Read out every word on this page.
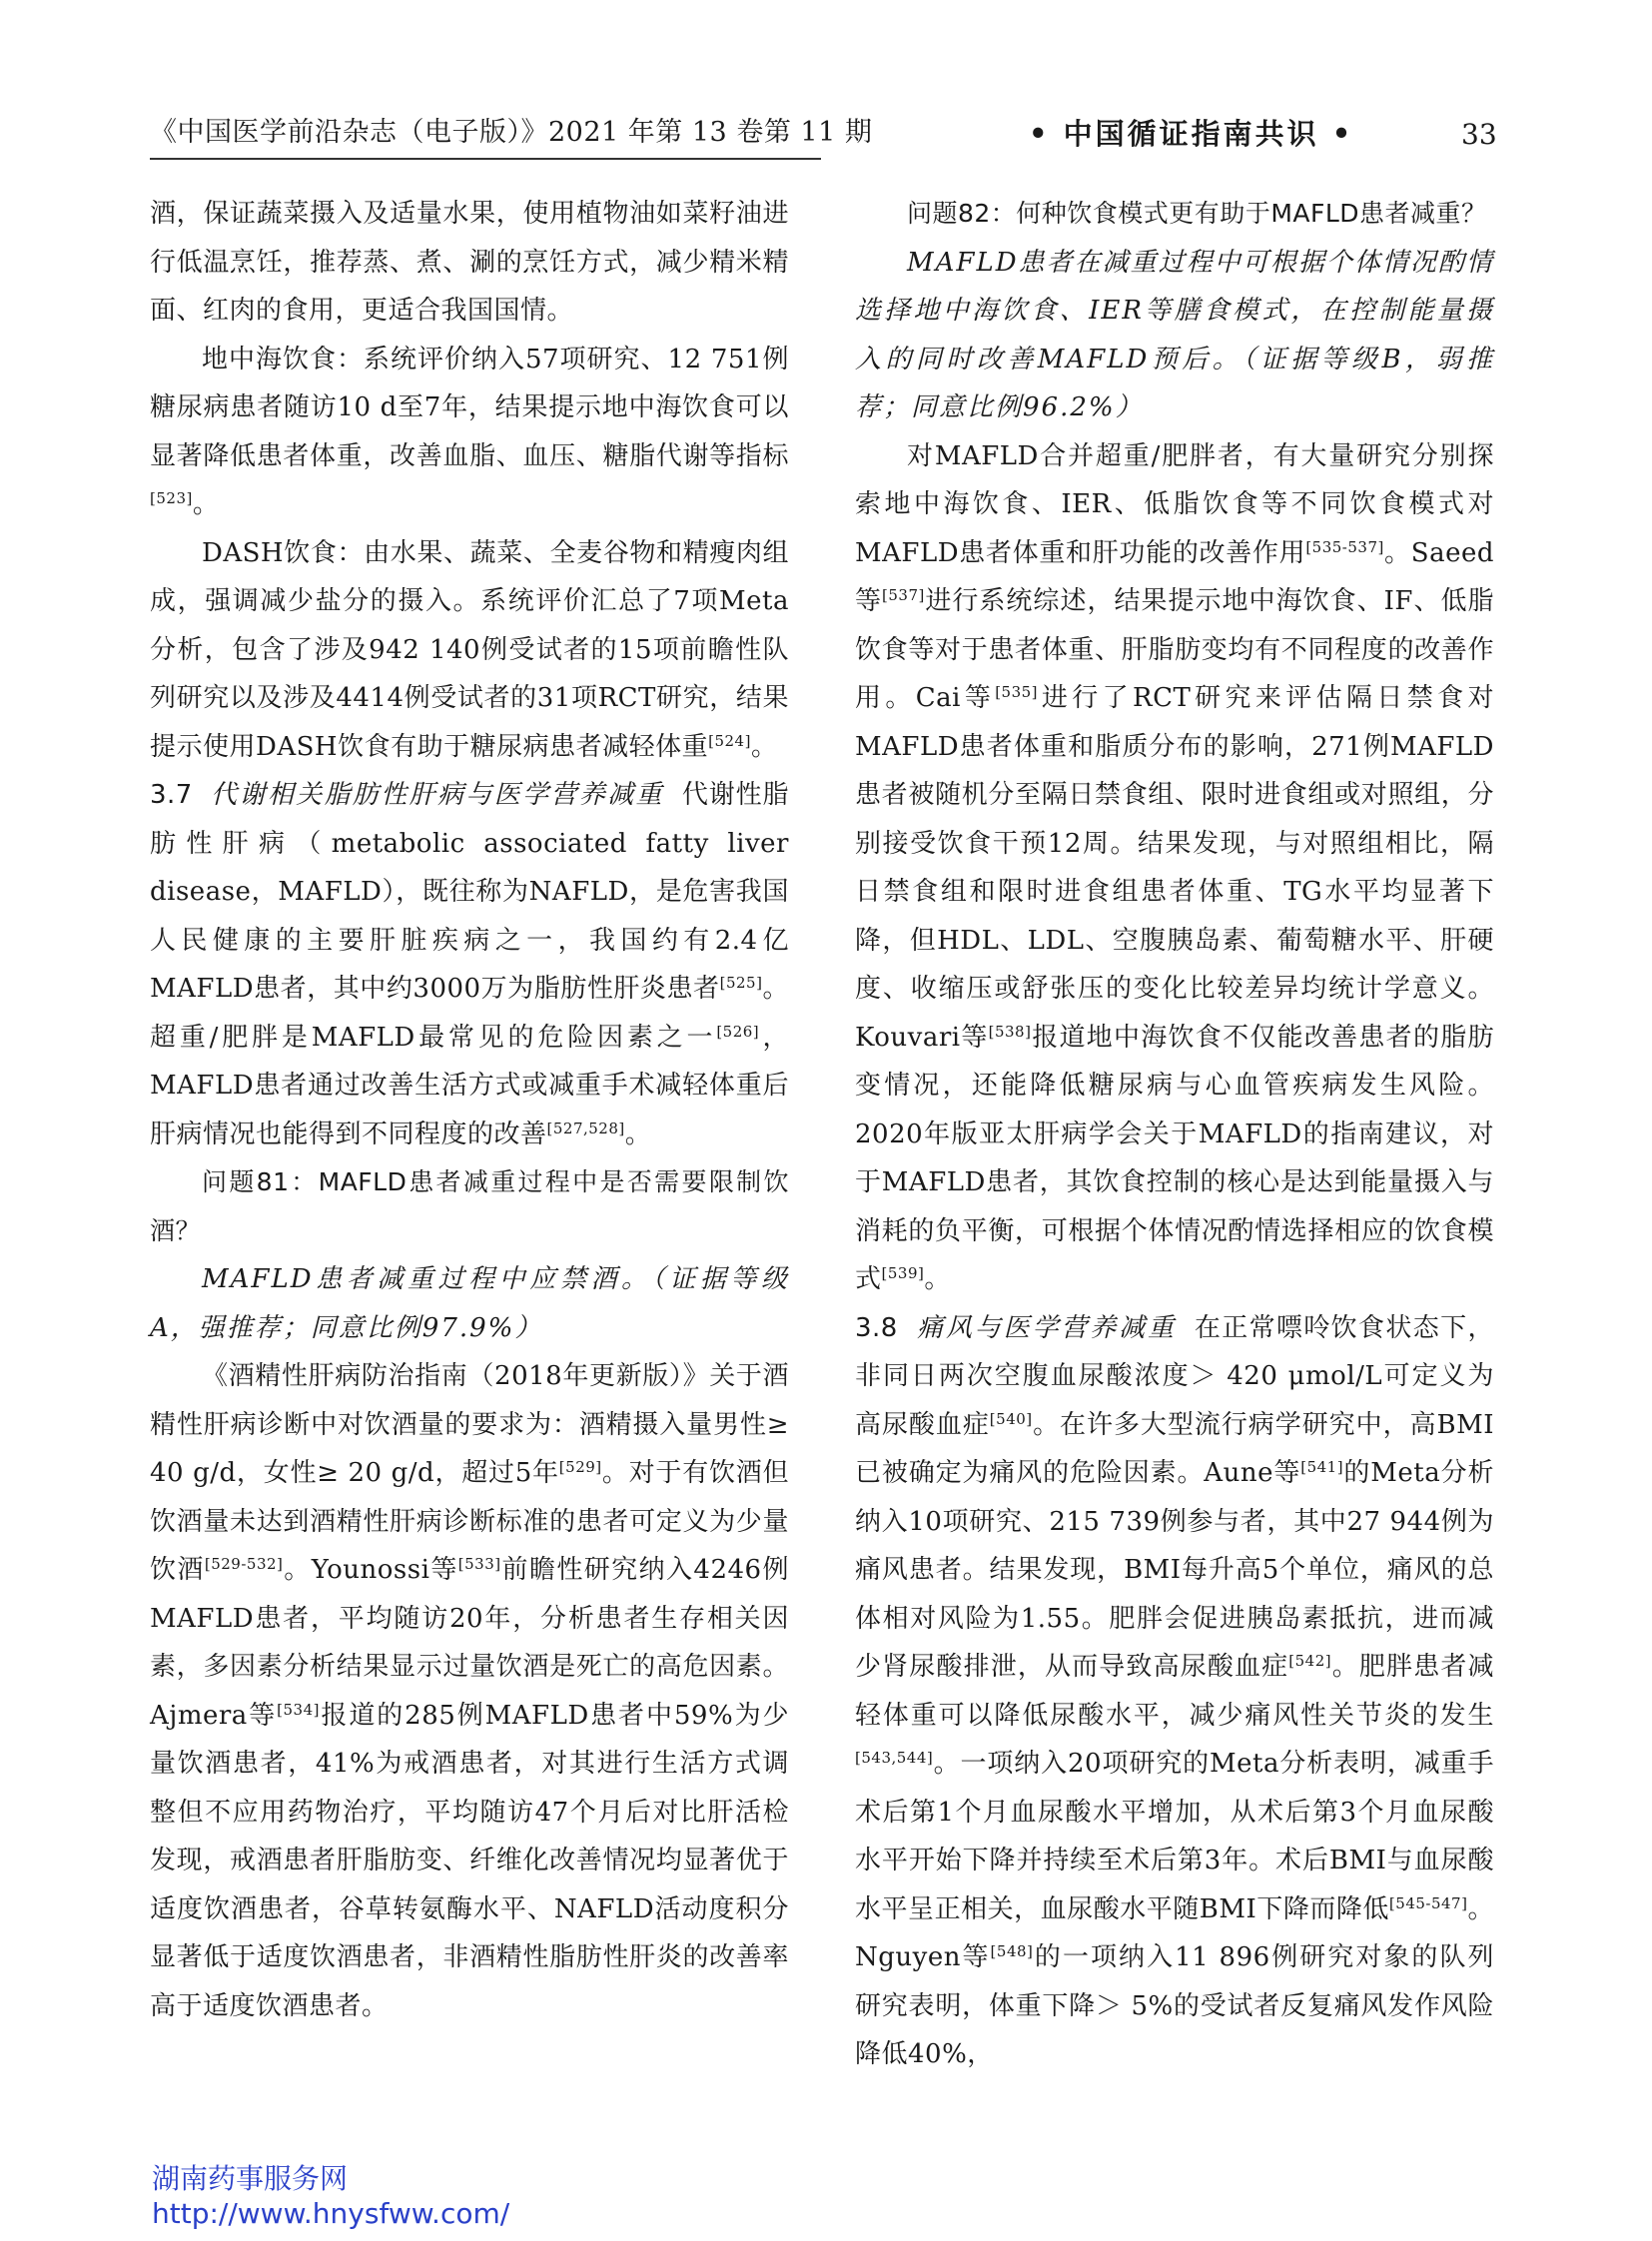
《中国医学前沿杂志（电子版）》2021 年第 13 卷第 11 期	• 中国循证指南共识 •	33

酒，保证蔬菜摄入及适量水果，使用植物油如菜籽油进行低温烹饪，推荐蒸、煮、涮的烹饪方式，减少精米精面、红肉的食用，更适合我国国情。

地中海饮食：系统评价纳入57项研究、12 751例糖尿病患者随访10 d至7年，结果提示地中海饮食可以显著降低患者体重，改善血脂、血压、糖脂代谢等指标[523]。

DASH饮食：由水果、蔬菜、全麦谷物和精瘦肉组成，强调减少盐分的摄入。系统评价汇总了7项Meta分析，包含了涉及942 140例受试者的15项前瞻性队列研究以及涉及4414例受试者的31项RCT研究，结果提示使用DASH饮食有助于糖尿病患者减轻体重[524]。

3.7 代谢相关脂肪性肝病与医学营养减重 代谢性脂肪性肝病（metabolic associated fatty liver disease，MAFLD），既往称为NAFLD，是危害我国人民健康的主要肝脏疾病之一，我国约有2.4亿MAFLD患者，其中约3000万为脂肪性肝炎患者[525]。超重/肥胖是MAFLD最常见的危险因素之一[526]，MAFLD患者通过改善生活方式或减重手术减轻体重后肝病情况也能得到不同程度的改善[527,528]。

问题81：MAFLD患者减重过程中是否需要限制饮酒？

MAFLD患者减重过程中应禁酒。（证据等级A，强推荐；同意比例97.9%）

《酒精性肝病防治指南（2018年更新版）》关于酒精性肝病诊断中对饮酒量的要求为：酒精摄入量男性≥ 40 g/d，女性≥ 20 g/d，超过5年[529]。对于有饮酒但饮酒量未达到酒精性肝病诊断标准的患者可定义为少量饮酒[529-532]。Younossi等[533]前瞻性研究纳入4246例MAFLD患者，平均随访20年，分析患者生存相关因素，多因素分析结果显示过量饮酒是死亡的高危因素。Ajmera等[534]报道的285例MAFLD患者中59%为少量饮酒患者，41%为戒酒患者，对其进行生活方式调整但不应用药物治疗，平均随访47个月后对比肝活检发现，戒酒患者肝脂肪变、纤维化改善情况均显著优于适度饮酒患者，谷草转氨酶水平、NAFLD活动度积分显著低于适度饮酒患者，非酒精性脂肪性肝炎的改善率高于适度饮酒患者。

问题82：何种饮食模式更有助于MAFLD患者减重？

MAFLD患者在减重过程中可根据个体情况酌情选择地中海饮食、IER等膳食模式，在控制能量摄入的同时改善MAFLD预后。（证据等级B，弱推荐；同意比例96.2%）

对MAFLD合并超重/肥胖者，有大量研究分别探索地中海饮食、IER、低脂饮食等不同饮食模式对MAFLD患者体重和肝功能的改善作用[535-537]。Saeed等[537]进行系统综述，结果提示地中海饮食、IF、低脂饮食等对于患者体重、肝脂肪变均有不同程度的改善作用。Cai等[535]进行了RCT研究来评估隔日禁食对MAFLD患者体重和脂质分布的影响，271例MAFLD患者被随机分至隔日禁食组、限时进食组或对照组，分别接受饮食干预12周。结果发现，与对照组相比，隔日禁食组和限时进食组患者体重、TG水平均显著下降，但HDL、LDL、空腹胰岛素、葡萄糖水平、肝硬度、收缩压或舒张压的变化比较差异均统计学意义。Kouvari等[538]报道地中海饮食不仅能改善患者的脂肪变情况，还能降低糖尿病与心血管疾病发生风险。2020年版亚太肝病学会关于MAFLD的指南建议，对于MAFLD患者，其饮食控制的核心是达到能量摄入与消耗的负平衡，可根据个体情况酌情选择相应的饮食模式[539]。

3.8 痛风与医学营养减重 在正常嘌呤饮食状态下，非同日两次空腹血尿酸浓度＞ 420 μmol/L可定义为高尿酸血症[540]。在许多大型流行病学研究中，高BMI已被确定为痛风的危险因素。Aune等[541]的Meta分析纳入10项研究、215 739例参与者，其中27 944例为痛风患者。结果发现，BMI每升高5个单位，痛风的总体相对风险为1.55。肥胖会促进胰岛素抵抗，进而减少肾尿酸排泄，从而导致高尿酸血症[542]。肥胖患者减轻体重可以降低尿酸水平，减少痛风性关节炎的发生[543,544]。一项纳入20项研究的Meta分析表明，减重手术后第1个月血尿酸水平增加，从术后第3个月血尿酸水平开始下降并持续至术后第3年。术后BMI与血尿酸水平呈正相关，血尿酸水平随BMI下降而降低[545-547]。Nguyen等[548]的一项纳入11 896例研究对象的队列研究表明，体重下降＞ 5%的受试者反复痛风发作风险降低40%，

湖南药事服务网
http://www.hnysfww.com/
